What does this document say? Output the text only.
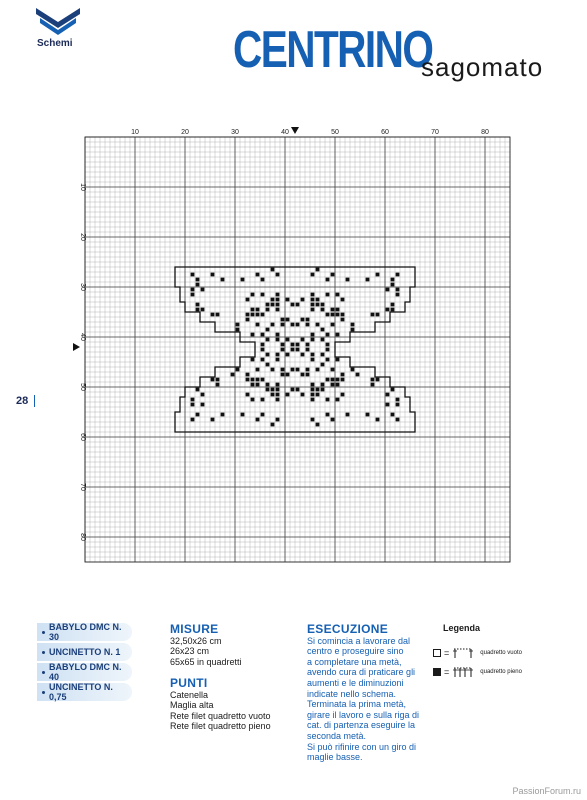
Schemi	CENTRINO
sagomato
28
10	20	30	40	50	60	70	80
10
20
30
40
50
60
70
80
BABYLO DMC N. 30
UNCINETTO N. 1
BABYLO DMC N. 40
UNCINETTO N. 0,75
MISURE
32,50x26 cm
26x23 cm
65x65 in quadretti
PUNTI
Catenella
Maglia alta
Rete filet quadretto vuoto
Rete filet quadretto pieno
ESECUZIONE
Si comincia a lavorare dal
centro e proseguire sino
a completare una metà,
avendo cura di praticare gli
aumenti e le diminuzioni
indicate nello schema.
Terminata la prima metà,
girare il lavoro e sulla riga di
cat. di partenza eseguire la
seconda metà.
Si può rifinire con un giro di
maglie basse.
Legenda
=	quadretto vuoto
=	quadretto pieno
PassionForum.ru
